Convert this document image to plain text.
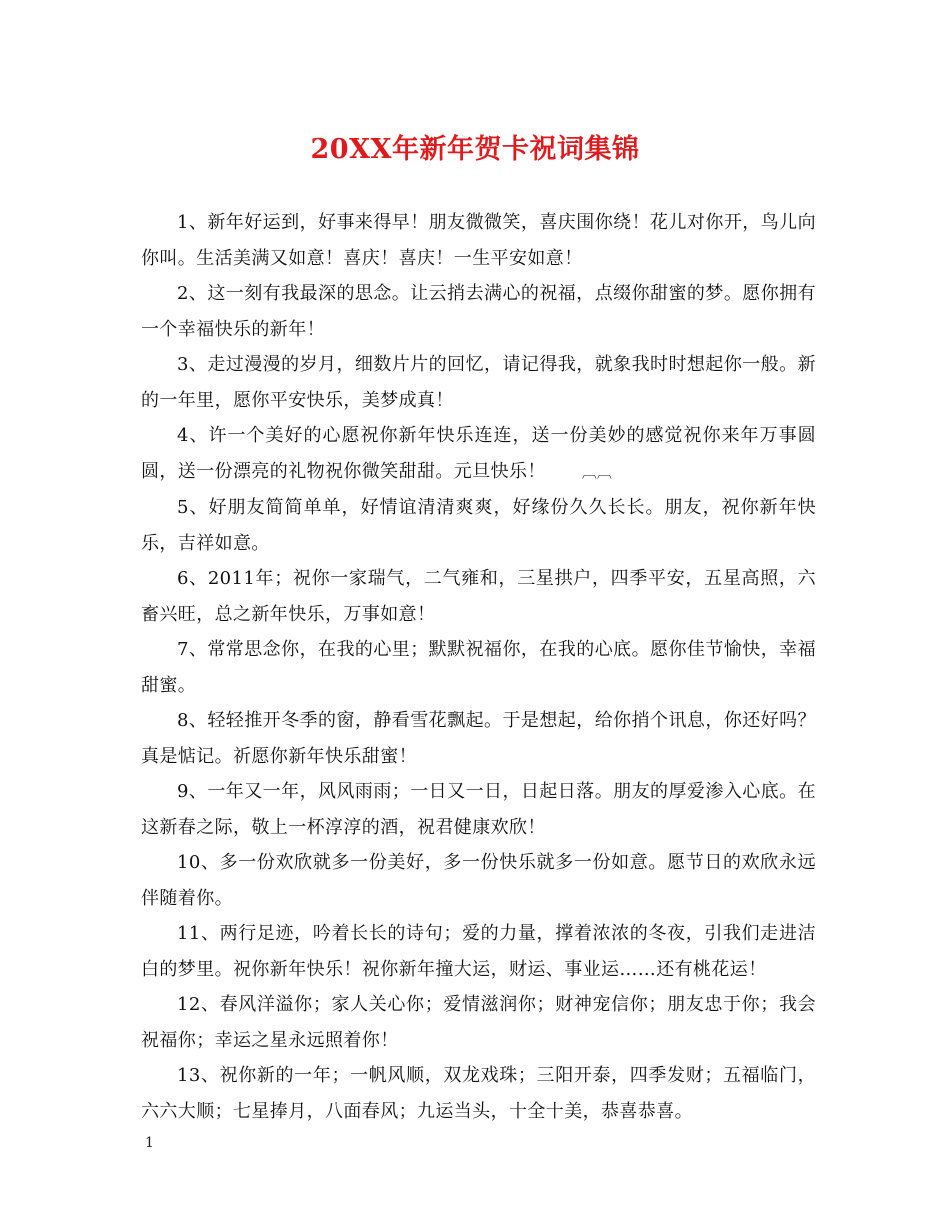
20XX年新年贺卡祝词集锦

1、新年好运到，好事来得早！朋友微微笑，喜庆围你绕！花儿对你开，鸟儿向你叫。生活美满又如意！喜庆！喜庆！一生平安如意！

2、这一刻有我最深的思念。让云捎去满心的祝福，点缀你甜蜜的梦。愿你拥有一个幸福快乐的新年！

3、走过漫漫的岁月，细数片片的回忆，请记得我，就象我时时想起你一般。新的一年里，愿你平安快乐，美梦成真！

4、许一个美好的心愿祝你新年快乐连连，送一份美妙的感觉祝你来年万事圆圆，送一份漂亮的礼物祝你微笑甜甜。元旦快乐！ ︹︹

5、好朋友简简单单，好情谊清清爽爽，好缘份久久长长。朋友，祝你新年快乐，吉祥如意。

6、2011年；祝你一家瑞气，二气雍和，三星拱户，四季平安，五星高照，六畜兴旺，总之新年快乐，万事如意！

7、常常思念你，在我的心里；默默祝福你，在我的心底。愿你佳节愉快，幸福甜蜜。

8、轻轻推开冬季的窗，静看雪花飘起。于是想起，给你捎个讯息，你还好吗？真是惦记。祈愿你新年快乐甜蜜！

9、一年又一年，风风雨雨；一日又一日，日起日落。朋友的厚爱渗入心底。在这新春之际，敬上一杯淳淳的酒，祝君健康欢欣！

10、多一份欢欣就多一份美好，多一份快乐就多一份如意。愿节日的欢欣永远伴随着你。

11、两行足迹，吟着长长的诗句；爱的力量，撑着浓浓的冬夜，引我们走进洁白的梦里。祝你新年快乐！祝你新年撞大运，财运、事业运……还有桃花运！

12、春风洋溢你；家人关心你；爱情滋润你；财神宠信你；朋友忠于你；我会祝福你；幸运之星永远照着你！

13、祝你新的一年；一帆风顺，双龙戏珠；三阳开泰，四季发财；五福临门，六六大顺；七星捧月，八面春风；九运当头，十全十美，恭喜恭喜。

1
